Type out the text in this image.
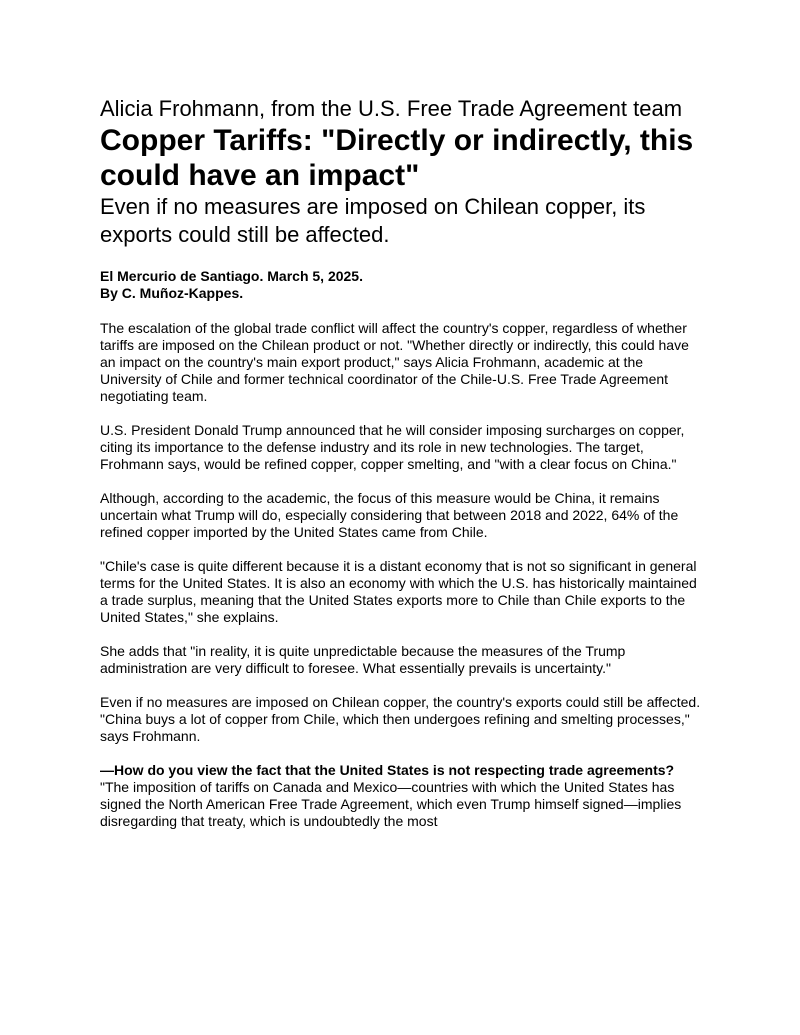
Alicia Frohmann, from the U.S. Free Trade Agreement team
Copper Tariffs: "Directly or indirectly, this could have an impact"
Even if no measures are imposed on Chilean copper, its exports could still be affected.
El Mercurio de Santiago. March 5, 2025.
By C. Muñoz-Kappes.

The escalation of the global trade conflict will affect the country's copper, regardless of whether tariffs are imposed on the Chilean product or not. "Whether directly or indirectly, this could have an impact on the country's main export product," says Alicia Frohmann, academic at the University of Chile and former technical coordinator of the Chile-U.S. Free Trade Agreement negotiating team.

U.S. President Donald Trump announced that he will consider imposing surcharges on copper, citing its importance to the defense industry and its role in new technologies. The target, Frohmann says, would be refined copper, copper smelting, and "with a clear focus on China."

Although, according to the academic, the focus of this measure would be China, it remains uncertain what Trump will do, especially considering that between 2018 and 2022, 64% of the refined copper imported by the United States came from Chile.

"Chile's case is quite different because it is a distant economy that is not so significant in general terms for the United States. It is also an economy with which the U.S. has historically maintained a trade surplus, meaning that the United States exports more to Chile than Chile exports to the United States," she explains.

She adds that "in reality, it is quite unpredictable because the measures of the Trump administration are very difficult to foresee. What essentially prevails is uncertainty."

Even if no measures are imposed on Chilean copper, the country's exports could still be affected. "China buys a lot of copper from Chile, which then undergoes refining and smelting processes," says Frohmann.

—How do you view the fact that the United States is not respecting trade agreements?

"The imposition of tariffs on Canada and Mexico—countries with which the United States has signed the North American Free Trade Agreement, which even Trump himself signed—implies disregarding that treaty, which is undoubtedly the most
